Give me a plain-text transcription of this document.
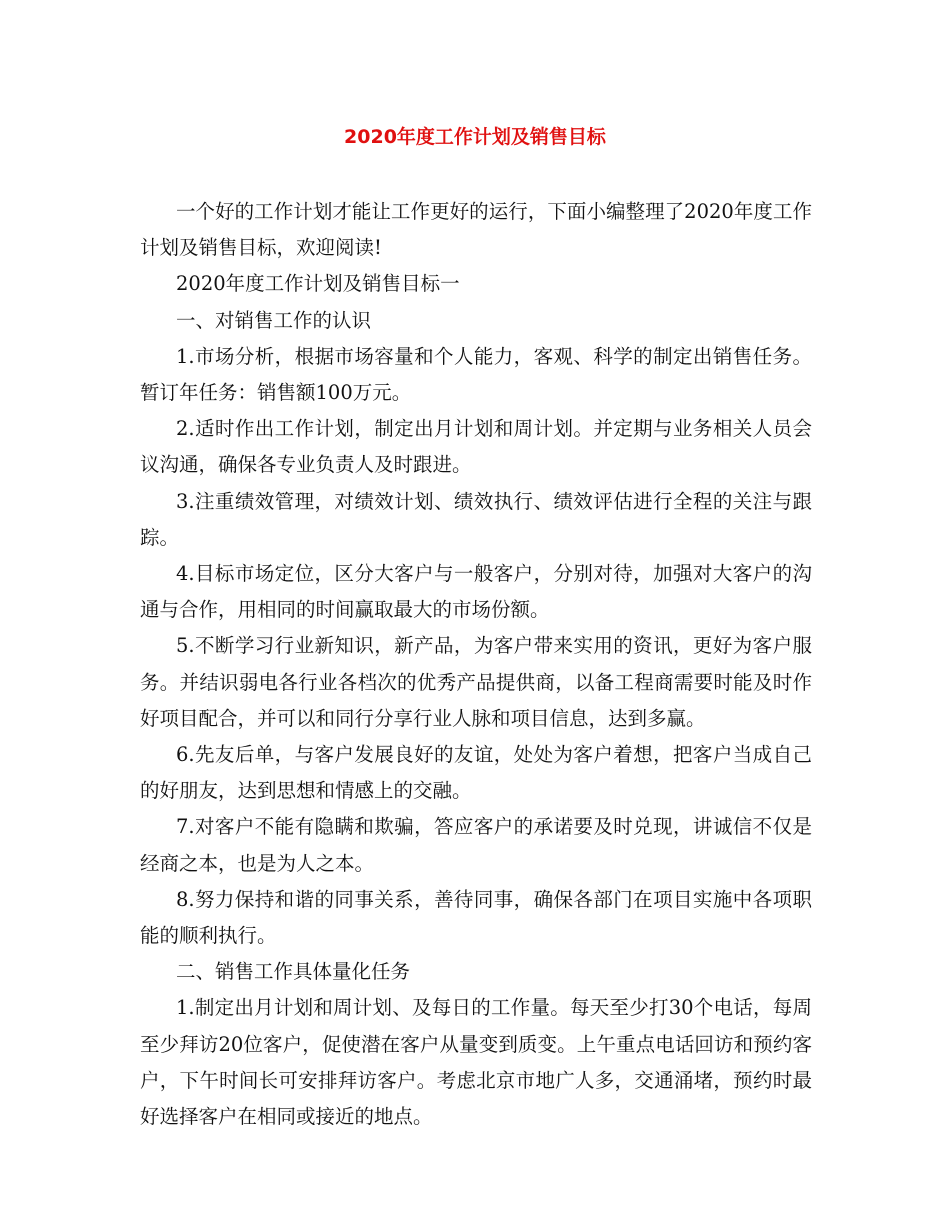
2020年度工作计划及销售目标

一个好的工作计划才能让工作更好的运行，下面小编整理了2020年度工作计划及销售目标，欢迎阅读!

2020年度工作计划及销售目标一

一、对销售工作的认识

1.市场分析，根据市场容量和个人能力，客观、科学的制定出销售任务。暂订年任务：销售额100万元。

2.适时作出工作计划，制定出月计划和周计划。并定期与业务相关人员会议沟通，确保各专业负责人及时跟进。

3.注重绩效管理，对绩效计划、绩效执行、绩效评估进行全程的关注与跟踪。

4.目标市场定位，区分大客户与一般客户，分别对待，加强对大客户的沟通与合作，用相同的时间赢取最大的市场份额。

5.不断学习行业新知识，新产品，为客户带来实用的资讯，更好为客户服务。并结识弱电各行业各档次的优秀产品提供商，以备工程商需要时能及时作好项目配合，并可以和同行分享行业人脉和项目信息，达到多赢。

6.先友后单，与客户发展良好的友谊，处处为客户着想，把客户当成自己的好朋友，达到思想和情感上的交融。

7.对客户不能有隐瞒和欺骗，答应客户的承诺要及时兑现，讲诚信不仅是经商之本，也是为人之本。

8.努力保持和谐的同事关系，善待同事，确保各部门在项目实施中各项职能的顺利执行。

二、销售工作具体量化任务

1.制定出月计划和周计划、及每日的工作量。每天至少打30个电话，每周至少拜访20位客户，促使潜在客户从量变到质变。上午重点电话回访和预约客户，下午时间长可安排拜访客户。考虑北京市地广人多，交通涌堵，预约时最好选择客户在相同或接近的地点。
